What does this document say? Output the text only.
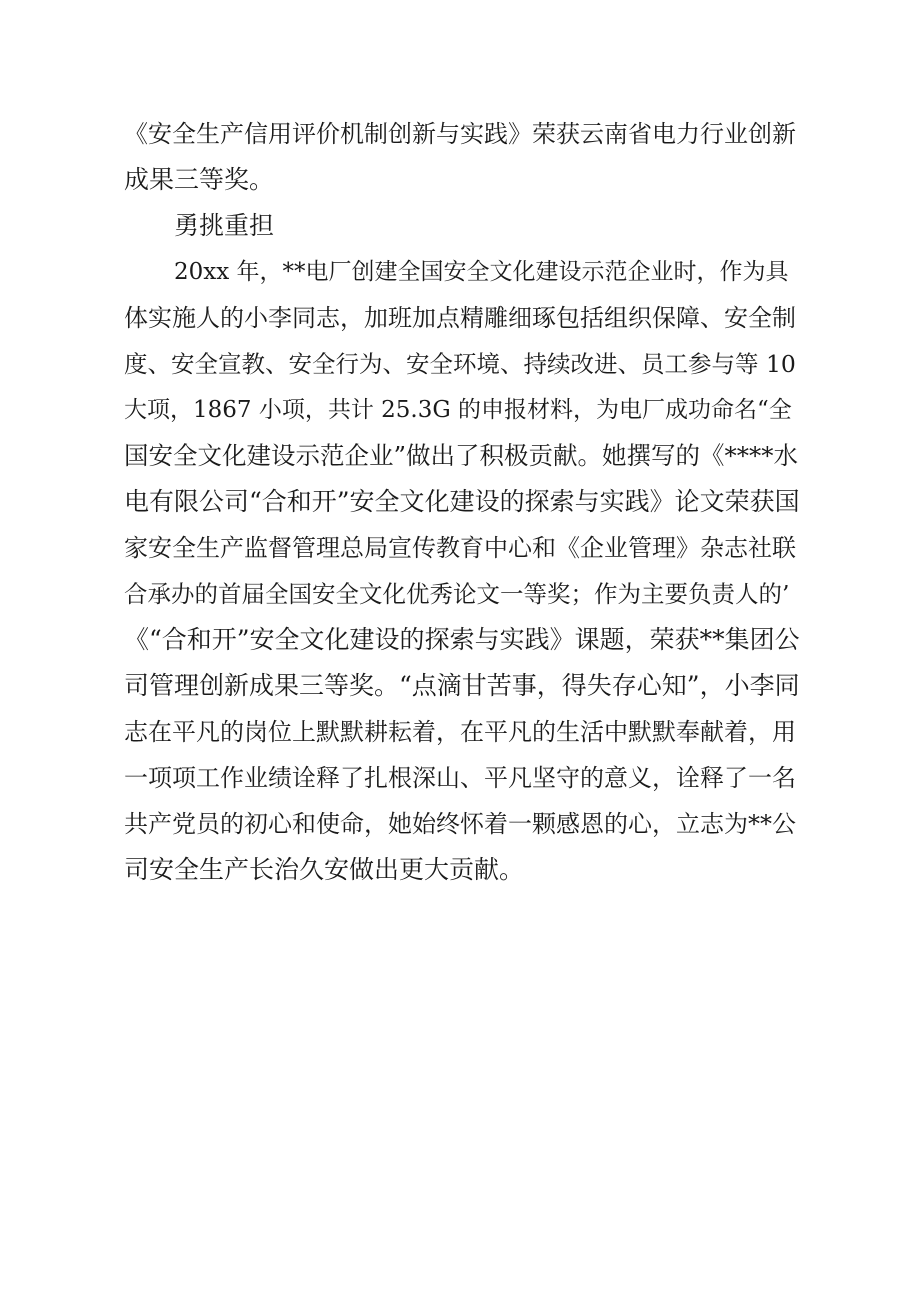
《安全生产信用评价机制创新与实践》荣获云南省电力行业创新
成果三等奖。
勇挑重担
20xx 年，**电厂创建全国安全文化建设示范企业时，作为具
体实施人的小李同志，加班加点精雕细琢包括组织保障、安全制
度、安全宣教、安全行为、安全环境、持续改进、员工参与等 10
大项，1867 小项，共计 25.3G 的申报材料，为电厂成功命名“全
国安全文化建设示范企业”做出了积极贡献。她撰写的《****水
电有限公司“合和开”安全文化建设的探索与实践》论文荣获国
家安全生产监督管理总局宣传教育中心和《企业管理》杂志社联
合承办的首届全国安全文化优秀论文一等奖；作为主要负责人的’
《“合和开”安全文化建设的探索与实践》课题，荣获**集团公
司管理创新成果三等奖。“点滴甘苦事，得失存心知”，小李同
志在平凡的岗位上默默耕耘着，在平凡的生活中默默奉献着，用
一项项工作业绩诠释了扎根深山、平凡坚守的意义，诠释了一名
共产党员的初心和使命，她始终怀着一颗感恩的心，立志为**公
司安全生产长治久安做出更大贡献。
